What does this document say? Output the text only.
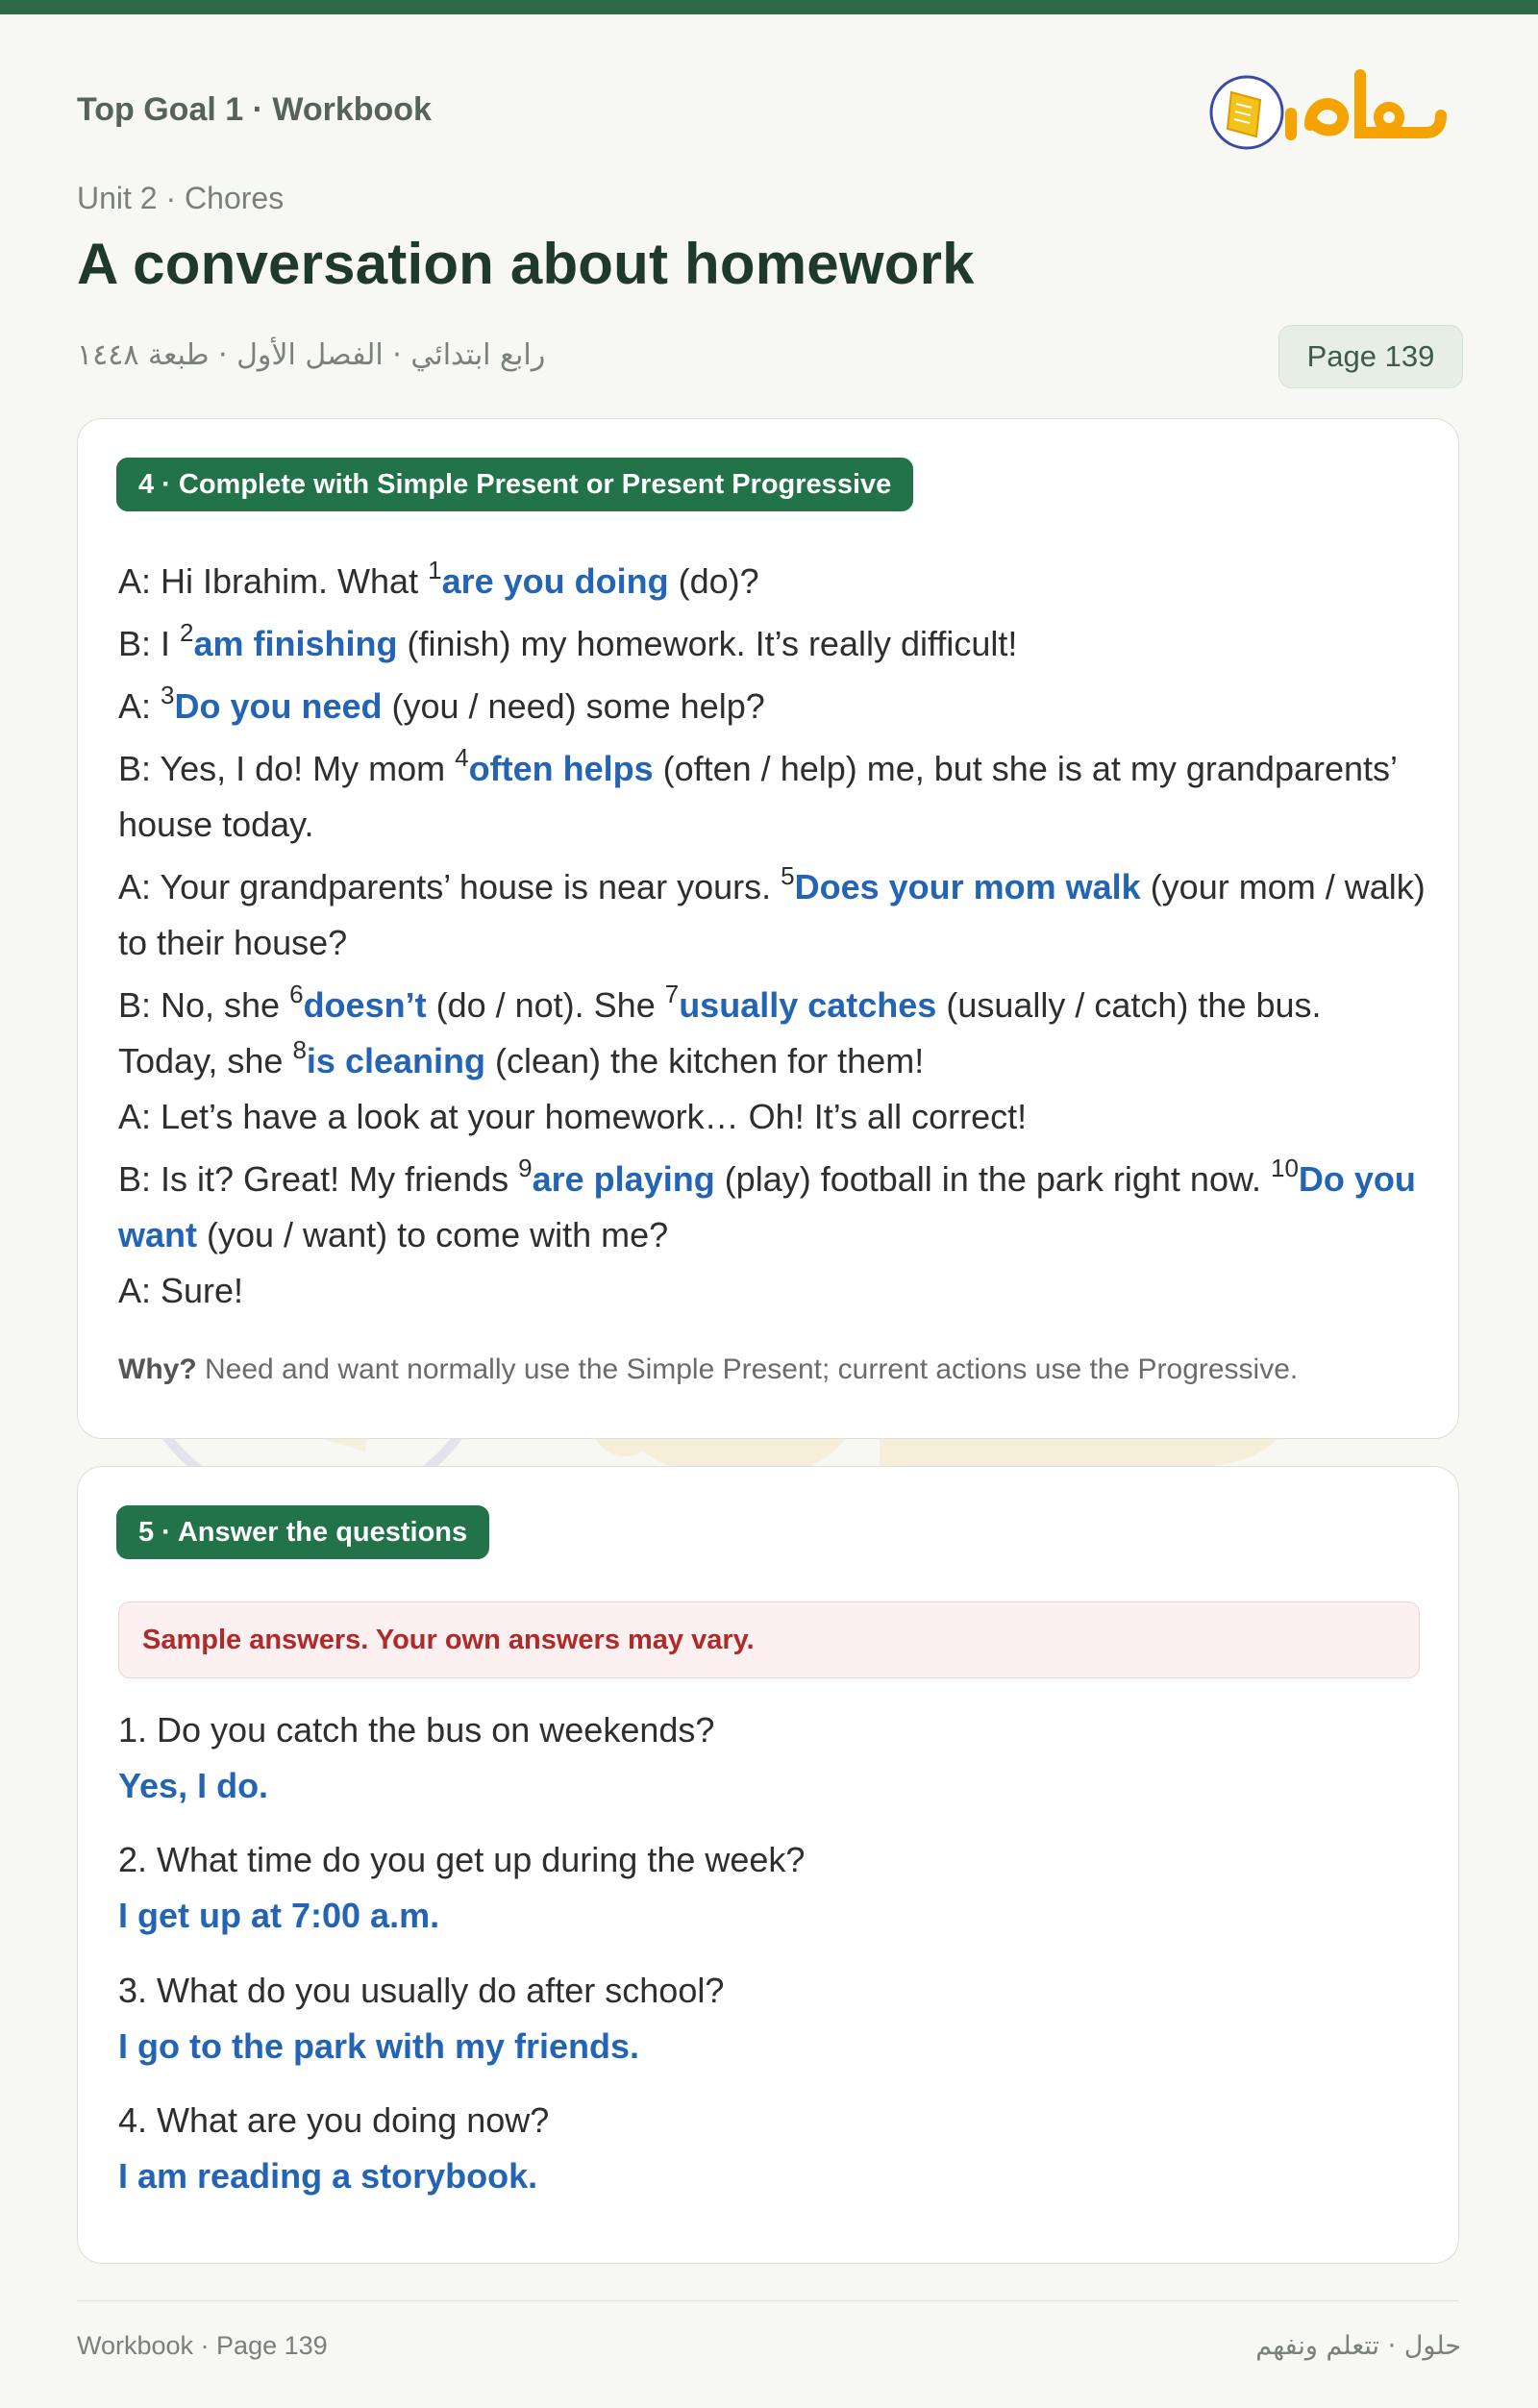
Top Goal 1 · Workbook
Unit 2 · Chores
A conversation about homework
رابع ابتدائي · الفصل الأول · طبعة ١٤٤٨	Page 139
4 · Complete with Simple Present or Present Progressive

A: Hi Ibrahim. What $^1$are you doing (do)?

B: I $^2$am finishing (finish) my homework. It’s really difficult!

A: $^3$Do you need (you / need) some help?

B: Yes, I do! My mom $^4$often helps (often / help) me, but she is at my grandparents’ house today.

A: Your grandparents’ house is near yours. $^5$Does your mom walk (your mom / walk) to their house?

B: No, she $^6$doesn’t (do / not). She $^7$usually catches (usually / catch) the bus. Today, she $^8$is cleaning (clean) the kitchen for them!

A: Let’s have a look at your homework… Oh! It’s all correct!

B: Is it? Great! My friends $^9$are playing (play) football in the park right now. $^{10}$Do you want (you / want) to come with me?

A: Sure!

Why? Need and want normally use the Simple Present; current actions use the Progressive.
5 · Answer the questions
Sample answers. Your own answers may vary.
1. Do you catch the bus on weekends?
Yes, I do.
2. What time do you get up during the week?
I get up at 7:00 a.m.
3. What do you usually do after school?
I go to the park with my friends.
4. What are you doing now?
I am reading a storybook.
Workbook · Page 139	حلول · تتعلم ونفهم
